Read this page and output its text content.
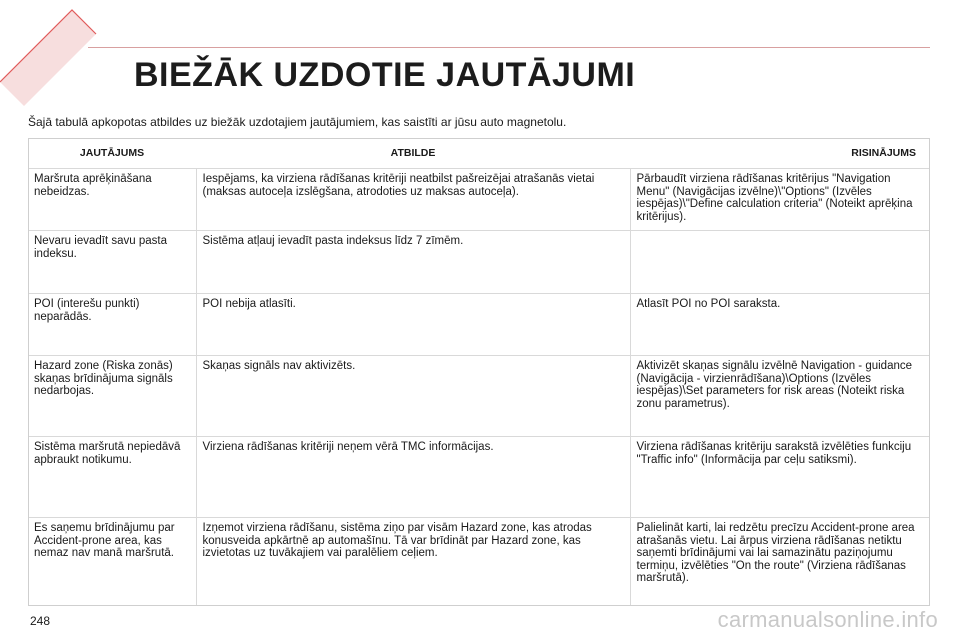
BIEŽĀK UZDOTIE JAUTĀJUMI
Šajā tabulā apkopotas atbildes uz biežāk uzdotajiem jautājumiem, kas saistīti ar jūsu auto magnetolu.
JAUTĀJUMS	ATBILDE	RISINĀJUMS
Maršruta aprēķināšana nebeidzas.	Iespējams, ka virziena rādīšanas kritēriji neatbilst pašreizējai atrašanās vietai (maksas autoceļa izslēgšana, atrodoties uz maksas autoceļa).	Pārbaudīt virziena rādīšanas kritērijus "Navigation Menu" (Navigācijas izvēlne)\"Options" (Izvēles iespējas)\"Define calculation criteria" (Noteikt aprēķina kritērijus).
Nevaru ievadīt savu pasta indeksu.	Sistēma atļauj ievadīt pasta indeksus līdz 7 zīmēm.	
POI (interešu punkti) neparādās.	POI nebija atlasīti.	Atlasīt POI no POI saraksta.
Hazard zone (Riska zonās) skaņas brīdinājuma signāls nedarbojas.	Skaņas signāls nav aktivizēts.	Aktivizēt skaņas signālu izvēlnē Navigation - guidance (Navigācija - virzienrādīšana)\Options (Izvēles iespējas)\Set parameters for risk areas (Noteikt riska zonu parametrus).
Sistēma maršrutā nepiedāvā apbraukt notikumu.	Virziena rādīšanas kritēriji neņem vērā TMC informācijas.	Virziena rādīšanas kritēriju sarakstā izvēlēties funkciju "Traffic info" (Informācija par ceļu satiksmi).
Es saņemu brīdinājumu par Accident-prone area, kas nemaz nav manā maršrutā.	Izņemot virziena rādīšanu, sistēma ziņo par visām Hazard zone, kas atrodas konusveida apkārtnē ap automašīnu. Tā var brīdināt par Hazard zone, kas izvietotas uz tuvākajiem vai paralēliem ceļiem.	Palielināt karti, lai redzētu precīzu Accident-prone area atrašanās vietu. Lai ārpus virziena rādīšanas netiktu saņemti brīdinājumi vai lai samazinātu paziņojumu termiņu, izvēlēties "On the route" (Virziena rādīšanas maršrutā).
248	carmanualsonline.info
